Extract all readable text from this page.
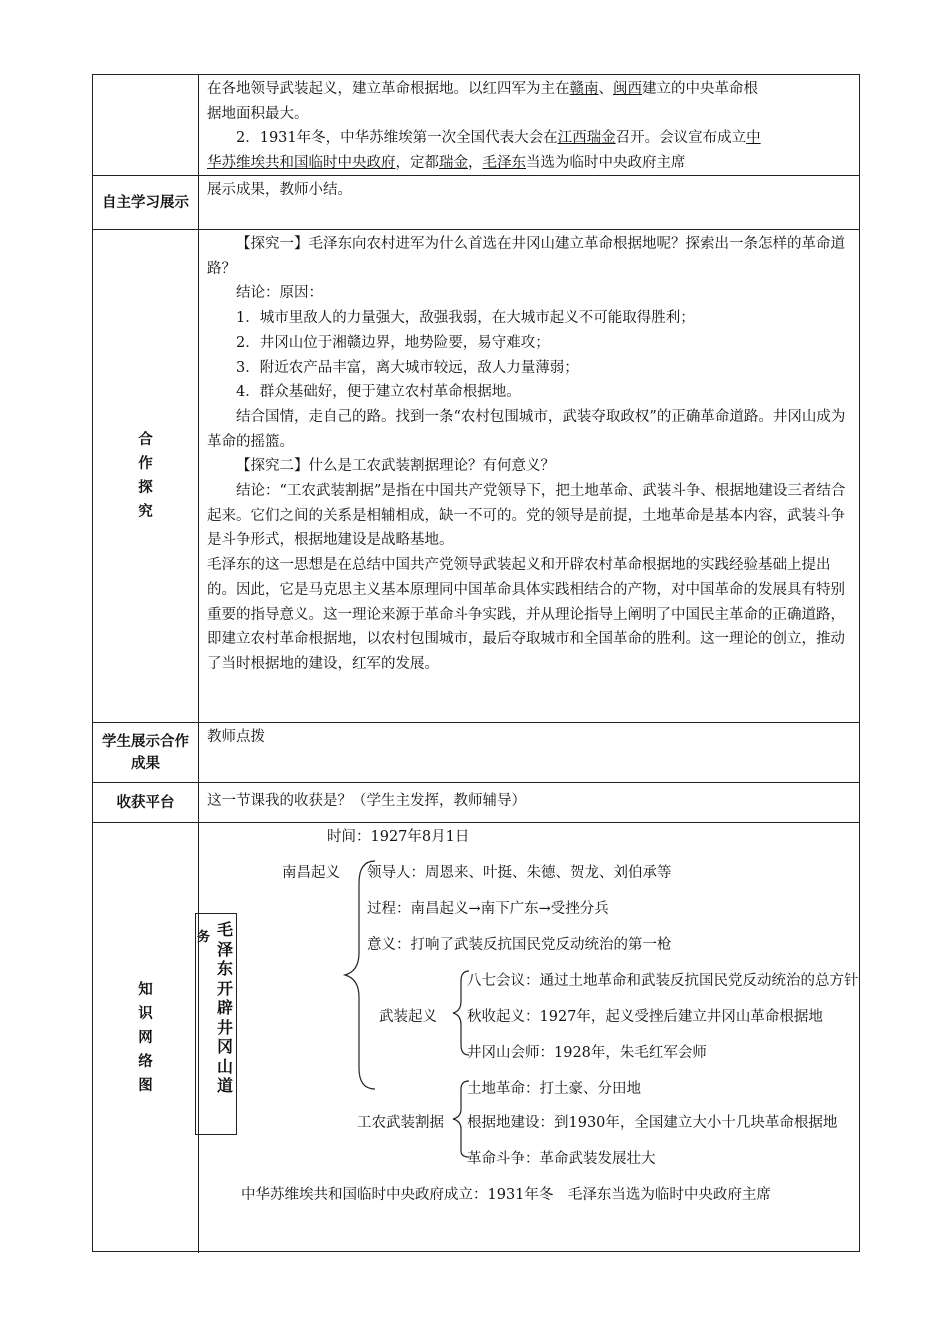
在各地领导武装起义，建立革命根据地。以红四军为主在赣南、闽西建立的中央革命根
据地面积最大。

2．1931年冬，中华苏维埃第一次全国代表大会在江西瑞金召开。会议宣布成立中
华苏维埃共和国临时中央政府，定都瑞金，毛泽东当选为临时中央政府主席

自主学习展示
展示成果，教师小结。
合
作
探
究

【探究一】毛泽东向农村进军为什么首选在井冈山建立革命根据地呢？探索出一条怎样的革命道路？

结论：原因：

1．城市里敌人的力量强大，敌强我弱，在大城市起义不可能取得胜利；

2．井冈山位于湘赣边界，地势险要，易守难攻；

3．附近农产品丰富，离大城市较远，敌人力量薄弱；

4．群众基础好，便于建立农村革命根据地。

结合国情，走自己的路。找到一条“农村包围城市，武装夺取政权”的正确革命道路。井冈山成为革命的摇篮。

【探究二】什么是工农武装割据理论？有何意义？

结论：“工农武装割据”是指在中国共产党领导下，把土地革命、武装斗争、根据地建设三者结合起来。它们之间的关系是相辅相成，缺一不可的。党的领导是前提，土地革命是基本内容，武装斗争是斗争形式，根据地建设是战略基地。

毛泽东的这一思想是在总结中国共产党领导武装起义和开辟农村革命根据地的实践经验基础上提出的。因此，它是马克思主义基本原理同中国革命具体实践相结合的产物，对中国革命的发展具有特别重要的指导意义。这一理论来源于革命斗争实践，并从理论指导上阐明了中国民主革命的正确道路，即建立农村革命根据地，以农村包围城市，最后夺取城市和全国革命的胜利。这一理论的创立，推动了当时根据地的建设，红军的发展。

学生展示合作成果
教师点拨
收获平台	这一节课我的收获是？（学生主发挥，教师辅导）
知
识
网
络
图
时间：1927年8月1日
南昌起义 领导人：周恩来、叶挺、朱德、贺龙、刘伯承等
过程：南昌起义→南下广东→受挫分兵
意义：打响了武装反抗国民党反动统治的第一枪
务 毛
泽
东
开
辟
井
冈
山
道
八七会议：通过土地革命和武装反抗国民党反动统治的总方针
武装起义 秋收起义：1927年，起义受挫后建立井冈山革命根据地
井冈山会师：1928年，朱毛红军会师
土地革命：打土豪、分田地
工农武装割据 根据地建设：到1930年，全国建立大小十几块革命根据地
革命斗争：革命武装发展壮大
中华苏维埃共和国临时中央政府成立：1931年冬　毛泽东当选为临时中央政府主席
